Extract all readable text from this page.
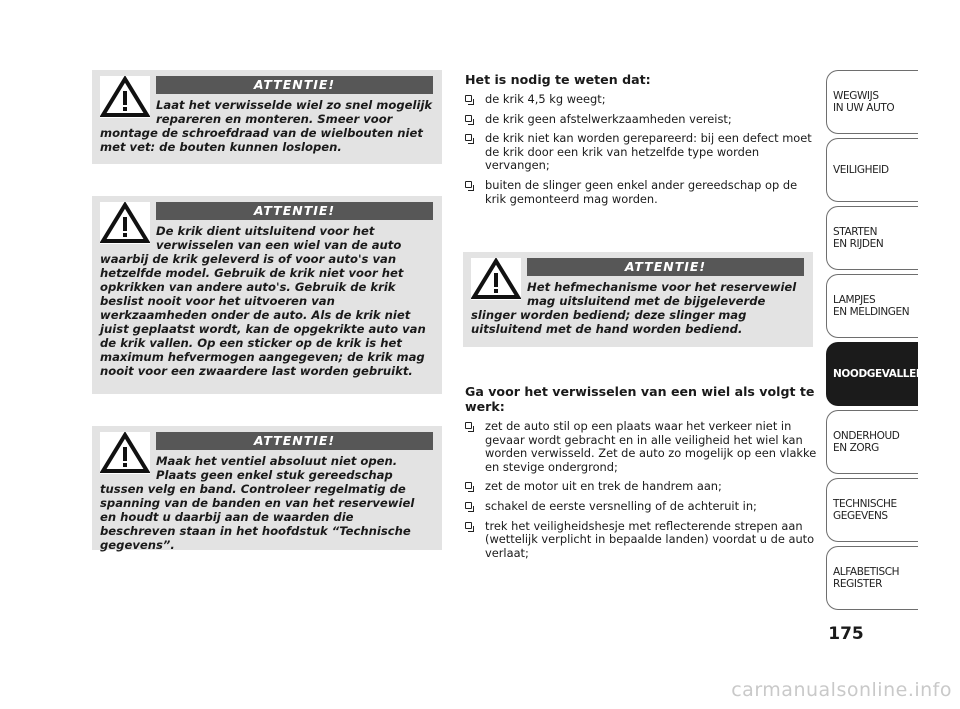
ATTENTIE!
Laat het verwisselde wiel zo snel mogelijk repareren en monteren. Smeer voor montage de schroefdraad van de wielbouten niet met vet: de bouten kunnen loslopen.
ATTENTIE!
De krik dient uitsluitend voor het verwisselen van een wiel van de auto waarbij de krik geleverd is of voor auto's van hetzelfde model. Gebruik de krik niet voor het opkrikken van andere auto's. Gebruik de krik beslist nooit voor het uitvoeren van werkzaamheden onder de auto. Als de krik niet juist geplaatst wordt, kan de opgekrikte auto van de krik vallen. Op een sticker op de krik is het maximum hefvermogen aangegeven; de krik mag nooit voor een zwaardere last worden gebruikt.
ATTENTIE!
Maak het ventiel absoluut niet open. Plaats geen enkel stuk gereedschap tussen velg en band. Controleer regelmatig de spanning van de banden en van het reservewiel en houdt u daarbij aan de waarden die beschreven staan in het hoofdstuk “Technische gegevens”.
ATTENTIE!
Het hefmechanisme voor het reservewiel mag uitsluitend met de bijgeleverde slinger worden bediend; deze slinger mag uitsluitend met de hand worden bediend.
Het is nodig te weten dat:
de krik 4,5 kg weegt;
de krik geen afstelwerkzaamheden vereist;
de krik niet kan worden gerepareerd: bij een defect moet de krik door een krik van hetzelfde type worden vervangen;
buiten de slinger geen enkel ander gereedschap op de krik gemonteerd mag worden.
Ga voor het verwisselen van een wiel als volgt te werk:
zet de auto stil op een plaats waar het verkeer niet in gevaar wordt gebracht en in alle veiligheid het wiel kan worden verwisseld. Zet de auto zo mogelijk op een vlakke en stevige ondergrond;
zet de motor uit en trek de handrem aan;
schakel de eerste versnelling of de achteruit in;
trek het veiligheidshesje met reflecterende strepen aan (wettelijk verplicht in bepaalde landen) voordat u de auto verlaat;
WEGWIJS
IN UW AUTO
VEILIGHEID
STARTEN
EN RIJDEN
LAMPJES
EN MELDINGEN
NOODGEVALLEN
ONDERHOUD
EN ZORG
TECHNISCHE
GEGEVENS
ALFABETISCH
REGISTER
175
carmanualsonline.info
